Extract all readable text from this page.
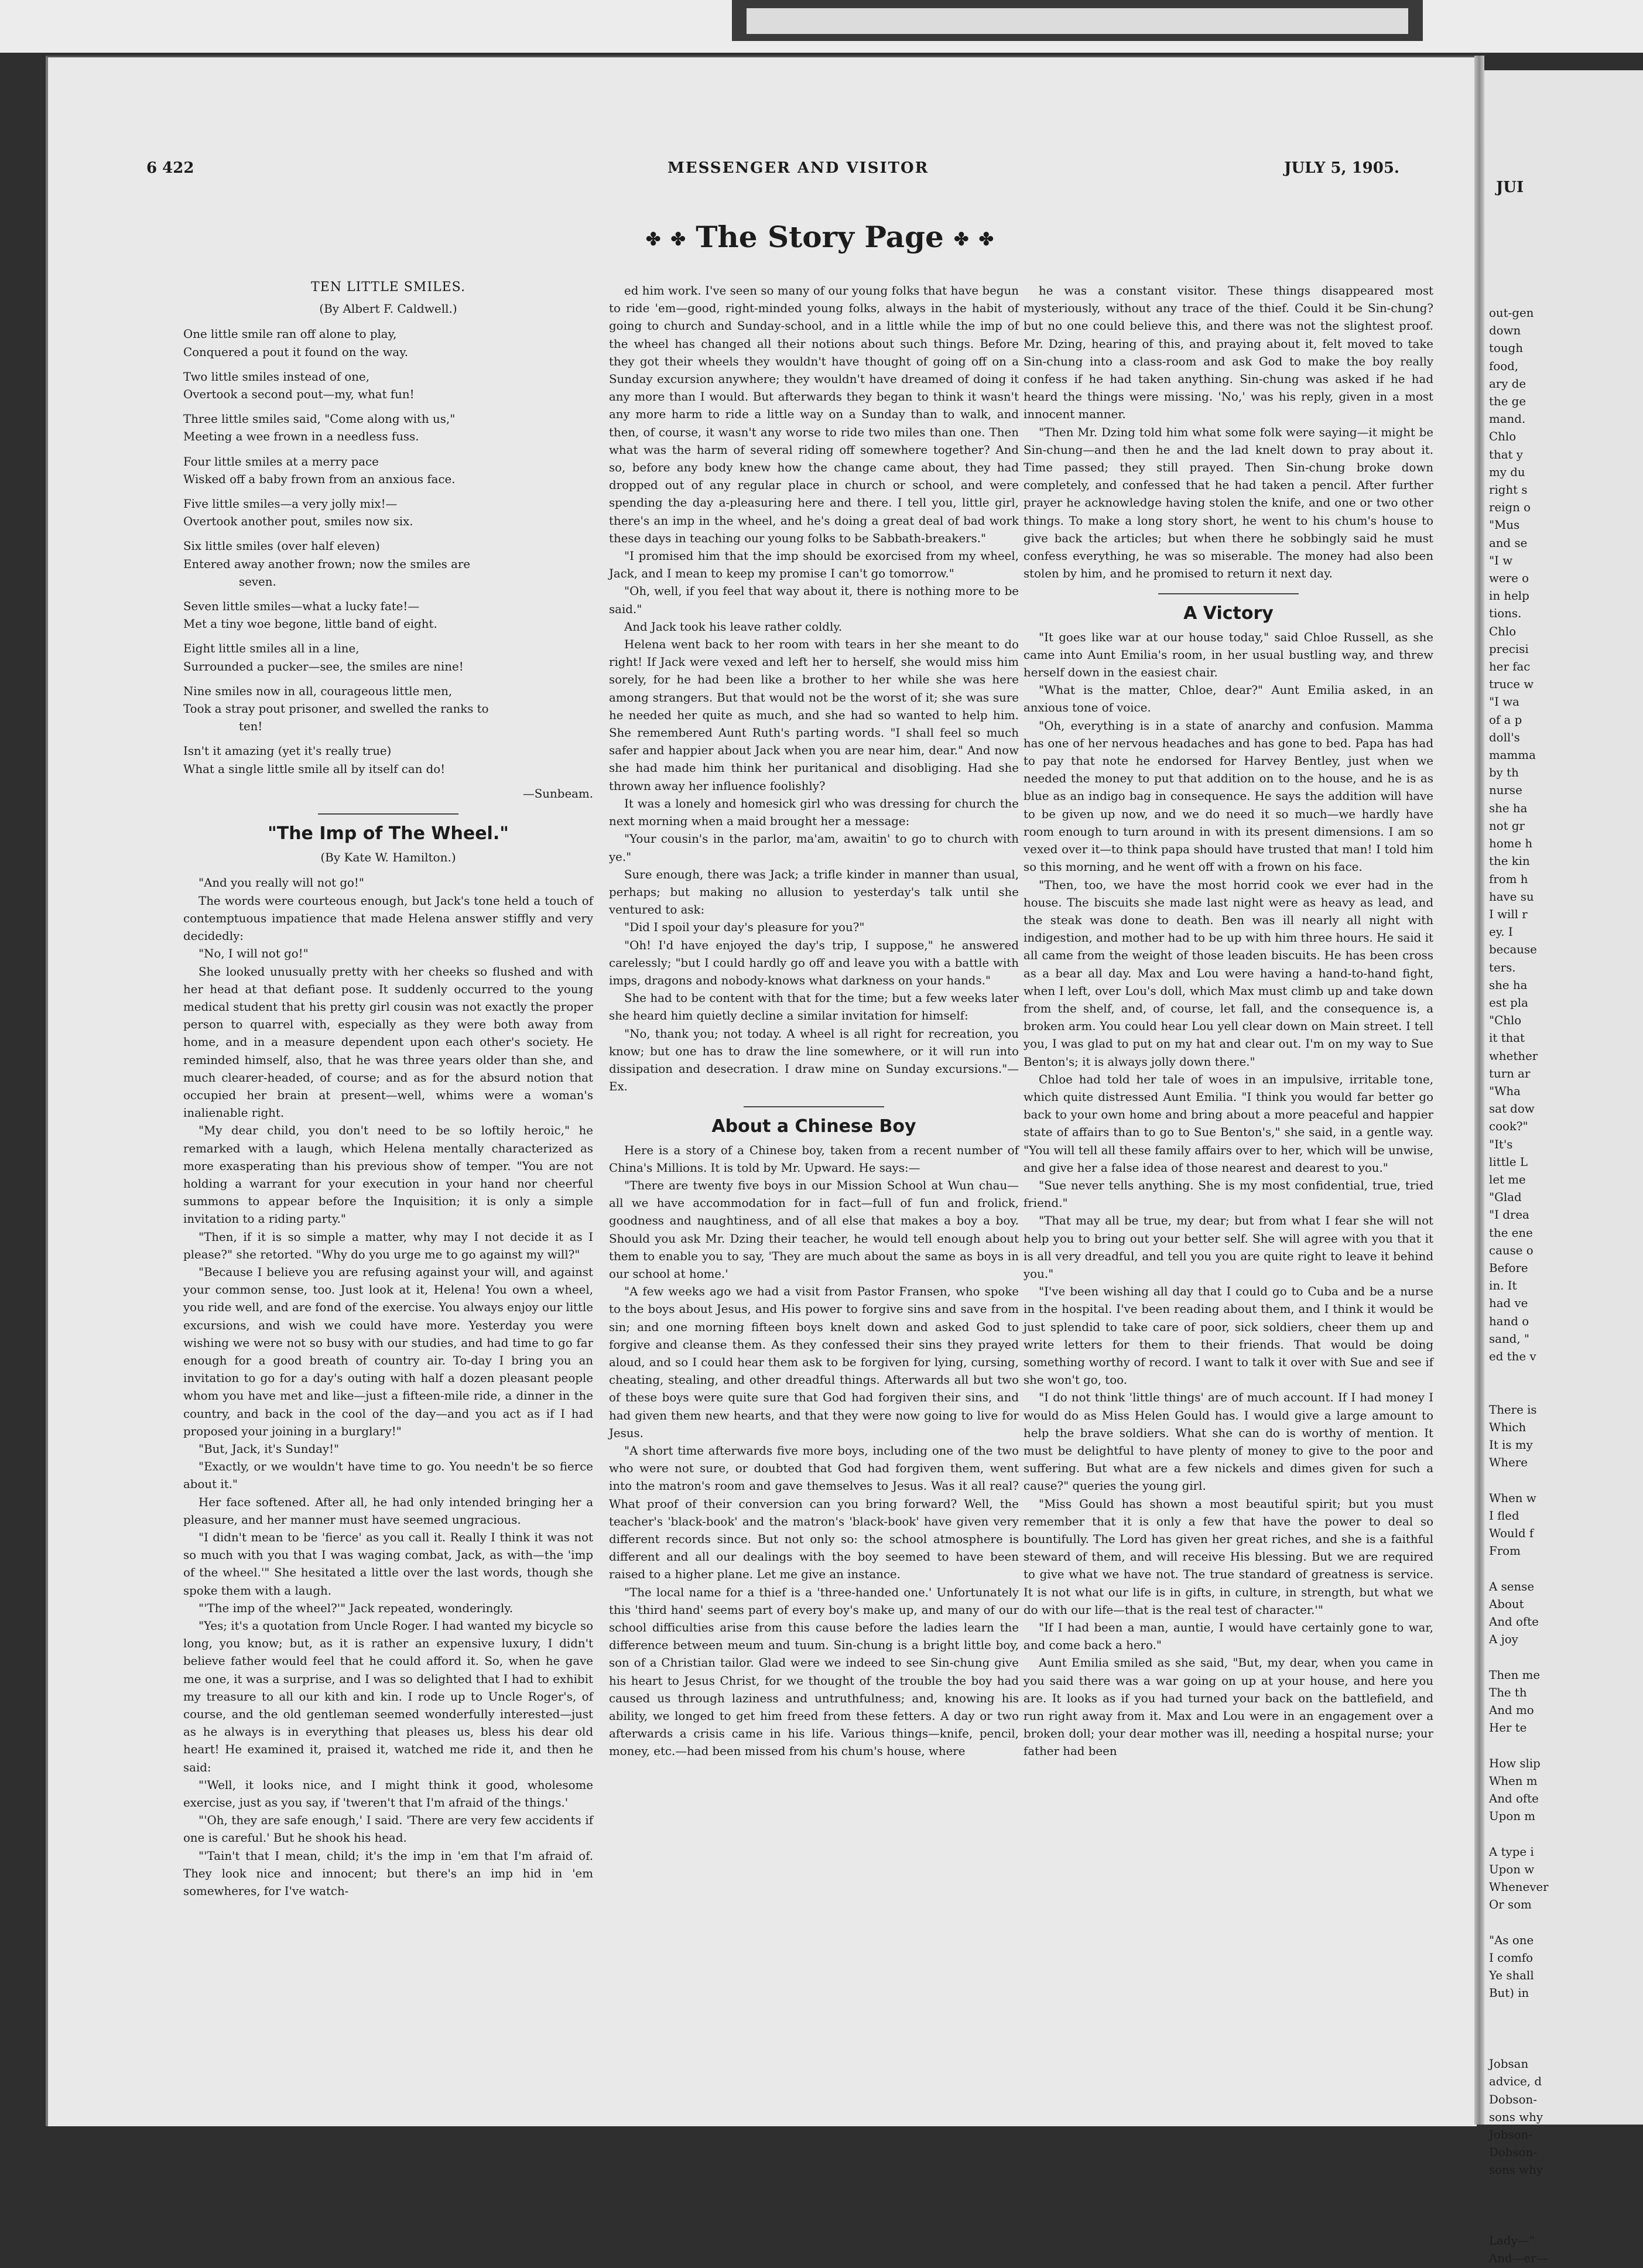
6 422	MESSENGER AND VISITOR	JULY 5, 1905.
✤ ✤ The Story Page ✤ ✤
TEN LITTLE SMILES.
(By Albert F. Caldwell.)
One little smile ran off alone to play,
Conquered a pout it found on the way.
Two little smiles instead of one,
Overtook a second pout—my, what fun!
Three little smiles said, "Come along with us,"
Meeting a wee frown in a needless fuss.
Four little smiles at a merry pace
Wisked off a baby frown from an anxious face.
Five little smiles—a very jolly mix!—
Overtook another pout, smiles now six.
Six little smiles (over half eleven)
Entered away another frown; now the smiles are
seven.
Seven little smiles—what a lucky fate!—
Met a tiny woe begone, little band of eight.
Eight little smiles all in a line,
Surrounded a pucker—see, the smiles are nine!
Nine smiles now in all, courageous little men,
Took a stray pout prisoner, and swelled the ranks to
ten!
Isn't it amazing (yet it's really true)
What a single little smile all by itself can do!
—Sunbeam.
"The Imp of The Wheel."
(By Kate W. Hamilton.)

"And you really will not go!"

The words were courteous enough, but Jack's tone held a touch of contemptuous impatience that made Helena answer stiffly and very decidedly:

"No, I will not go!"

She looked unusually pretty with her cheeks so flushed and with her head at that defiant pose. It suddenly occurred to the young medical student that his pretty girl cousin was not exactly the proper person to quarrel with, especially as they were both away from home, and in a measure dependent upon each other's society. He reminded himself, also, that he was three years older than she, and much clearer-headed, of course; and as for the absurd notion that occupied her brain at present—well, whims were a woman's inalienable right.

"My dear child, you don't need to be so loftily heroic," he remarked with a laugh, which Helena mentally characterized as more exasperating than his previous show of temper. "You are not holding a warrant for your execution in your hand nor cheerful summons to appear before the Inquisition; it is only a simple invitation to a riding party."

"Then, if it is so simple a matter, why may I not decide it as I please?" she retorted. "Why do you urge me to go against my will?"

"Because I believe you are refusing against your will, and against your common sense, too. Just look at it, Helena! You own a wheel, you ride well, and are fond of the exercise. You always enjoy our little excursions, and wish we could have more. Yesterday you were wishing we were not so busy with our studies, and had time to go far enough for a good breath of country air. To-day I bring you an invitation to go for a day's outing with half a dozen pleasant people whom you have met and like—just a fifteen-mile ride, a dinner in the country, and back in the cool of the day—and you act as if I had proposed your joining in a burglary!"

"But, Jack, it's Sunday!"

"Exactly, or we wouldn't have time to go. You needn't be so fierce about it."

Her face softened. After all, he had only intended bringing her a pleasure, and her manner must have seemed ungracious.

"I didn't mean to be 'fierce' as you call it. Really I think it was not so much with you that I was waging combat, Jack, as with—the 'imp of the wheel.'" She hesitated a little over the last words, though she spoke them with a laugh.

"'The imp of the wheel?'" Jack repeated, wonderingly.

"Yes; it's a quotation from Uncle Roger. I had wanted my bicycle so long, you know; but, as it is rather an expensive luxury, I didn't believe father would feel that he could afford it. So, when he gave me one, it was a surprise, and I was so delighted that I had to exhibit my treasure to all our kith and kin. I rode up to Uncle Roger's, of course, and the old gentleman seemed wonderfully interested—just as he always is in everything that pleases us, bless his dear old heart! He examined it, praised it, watched me ride it, and then he said:

"'Well, it looks nice, and I might think it good, wholesome exercise, just as you say, if 'tweren't that I'm afraid of the things.'

"'Oh, they are safe enough,' I said. 'There are very few accidents if one is careful.' But he shook his head.

"'Tain't that I mean, child; it's the imp in 'em that I'm afraid of. They look nice and innocent; but there's an imp hid in 'em somewheres, for I've watch-

ed him work. I've seen so many of our young folks that have begun to ride 'em—good, right-minded young folks, always in the habit of going to church and Sunday-school, and in a little while the imp of the wheel has changed all their notions about such things. Before they got their wheels they wouldn't have thought of going off on a Sunday excursion anywhere; they wouldn't have dreamed of doing it any more than I would. But afterwards they began to think it wasn't any more harm to ride a little way on a Sunday than to walk, and then, of course, it wasn't any worse to ride two miles than one. Then what was the harm of several riding off somewhere together? And so, before any body knew how the change came about, they had dropped out of any regular place in church or school, and were spending the day a-pleasuring here and there. I tell you, little girl, there's an imp in the wheel, and he's doing a great deal of bad work these days in teaching our young folks to be Sabbath-breakers."

"I promised him that the imp should be exorcised from my wheel, Jack, and I mean to keep my promise I can't go tomorrow."

"Oh, well, if you feel that way about it, there is nothing more to be said."

And Jack took his leave rather coldly.

Helena went back to her room with tears in her she meant to do right! If Jack were vexed and left her to herself, she would miss him sorely, for he had been like a brother to her while she was here among strangers. But that would not be the worst of it; she was sure he needed her quite as much, and she had so wanted to help him. She remembered Aunt Ruth's parting words. "I shall feel so much safer and happier about Jack when you are near him, dear." And now she had made him think her puritanical and disobliging. Had she thrown away her influence foolishly?

It was a lonely and homesick girl who was dressing for church the next morning when a maid brought her a message:

"Your cousin's in the parlor, ma'am, awaitin' to go to church with ye."

Sure enough, there was Jack; a trifle kinder in manner than usual, perhaps; but making no allusion to yesterday's talk until she ventured to ask:

"Did I spoil your day's pleasure for you?"

"Oh! I'd have enjoyed the day's trip, I suppose," he answered carelessly; "but I could hardly go off and leave you with a battle with imps, dragons and nobody-knows what darkness on your hands."

She had to be content with that for the time; but a few weeks later she heard him quietly decline a similar invitation for himself:

"No, thank you; not today. A wheel is all right for recreation, you know; but one has to draw the line somewhere, or it will run into dissipation and desecration. I draw mine on Sunday excursions."—Ex.

About a Chinese Boy

Here is a story of a Chinese boy, taken from a recent number of China's Millions. It is told by Mr. Upward. He says:—

"There are twenty five boys in our Mission School at Wun chau—all we have accommodation for in fact—full of fun and frolick, goodness and naughtiness, and of all else that makes a boy a boy. Should you ask Mr. Dzing their teacher, he would tell enough about them to enable you to say, 'They are much about the same as boys in our school at home.'

"A few weeks ago we had a visit from Pastor Fransen, who spoke to the boys about Jesus, and His power to forgive sins and save from sin; and one morning fifteen boys knelt down and asked God to forgive and cleanse them. As they confessed their sins they prayed aloud, and so I could hear them ask to be forgiven for lying, cursing, cheating, stealing, and other dreadful things. Afterwards all but two of these boys were quite sure that God had forgiven their sins, and had given them new hearts, and that they were now going to live for Jesus.

"A short time afterwards five more boys, including one of the two who were not sure, or doubted that God had forgiven them, went into the matron's room and gave themselves to Jesus. Was it all real? What proof of their conversion can you bring forward? Well, the teacher's 'black-book' and the matron's 'black-book' have given very different records since. But not only so: the school atmosphere is different and all our dealings with the boy seemed to have been raised to a higher plane. Let me give an instance.

"The local name for a thief is a 'three-handed one.' Unfortunately this 'third hand' seems part of every boy's make up, and many of our school difficulties arise from this cause before the ladies learn the difference between meum and tuum. Sin-chung is a bright little boy, son of a Christian tailor. Glad were we indeed to see Sin-chung give his heart to Jesus Christ, for we thought of the trouble the boy had caused us through laziness and untruthfulness; and, knowing his ability, we longed to get him freed from these fetters. A day or two afterwards a crisis came in his life. Various things—knife, pencil, money, etc.—had been missed from his chum's house, where

he was a constant visitor. These things disappeared most mysteriously, without any trace of the thief. Could it be Sin-chung? but no one could believe this, and there was not the slightest proof. Mr. Dzing, hearing of this, and praying about it, felt moved to take Sin-chung into a class-room and ask God to make the boy really confess if he had taken anything. Sin-chung was asked if he had heard the things were missing. 'No,' was his reply, given in a most innocent manner.

"Then Mr. Dzing told him what some folk were saying—it might be Sin-chung—and then he and the lad knelt down to pray about it. Time passed; they still prayed. Then Sin-chung broke down completely, and confessed that he had taken a pencil. After further prayer he acknowledge having stolen the knife, and one or two other things. To make a long story short, he went to his chum's house to give back the articles; but when there he sobbingly said he must confess everything, he was so miserable. The money had also been stolen by him, and he promised to return it next day.

A Victory

"It goes like war at our house today," said Chloe Russell, as she came into Aunt Emilia's room, in her usual bustling way, and threw herself down in the easiest chair.

"What is the matter, Chloe, dear?" Aunt Emilia asked, in an anxious tone of voice.

"Oh, everything is in a state of anarchy and confusion. Mamma has one of her nervous headaches and has gone to bed. Papa has had to pay that note he endorsed for Harvey Bentley, just when we needed the money to put that addition on to the house, and he is as blue as an indigo bag in consequence. He says the addition will have to be given up now, and we do need it so much—we hardly have room enough to turn around in with its present dimensions. I am so vexed over it—to think papa should have trusted that man! I told him so this morning, and he went off with a frown on his face.

"Then, too, we have the most horrid cook we ever had in the house. The biscuits she made last night were as heavy as lead, and the steak was done to death. Ben was ill nearly all night with indigestion, and mother had to be up with him three hours. He said it all came from the weight of those leaden biscuits. He has been cross as a bear all day. Max and Lou were having a hand-to-hand fight, when I left, over Lou's doll, which Max must climb up and take down from the shelf, and, of course, let fall, and the consequence is, a broken arm. You could hear Lou yell clear down on Main street. I tell you, I was glad to put on my hat and clear out. I'm on my way to Sue Benton's; it is always jolly down there."

Chloe had told her tale of woes in an impulsive, irritable tone, which quite distressed Aunt Emilia. "I think you would far better go back to your own home and bring about a more peaceful and happier state of affairs than to go to Sue Benton's," she said, in a gentle way. "You will tell all these family affairs over to her, which will be unwise, and give her a false idea of those nearest and dearest to you."

"Sue never tells anything. She is my most confidential, true, tried friend."

"That may all be true, my dear; but from what I fear she will not help you to bring out your better self. She will agree with you that it is all very dreadful, and tell you you are quite right to leave it behind you."

"I've been wishing all day that I could go to Cuba and be a nurse in the hospital. I've been reading about them, and I think it would be just splendid to take care of poor, sick soldiers, cheer them up and write letters for them to their friends. That would be doing something worthy of record. I want to talk it over with Sue and see if she won't go, too.

"I do not think 'little things' are of much account. If I had money I would do as Miss Helen Gould has. I would give a large amount to help the brave soldiers. What she can do is worthy of mention. It must be delightful to have plenty of money to give to the poor and suffering. But what are a few nickels and dimes given for such a cause?" queries the young girl.

"Miss Gould has shown a most beautiful spirit; but you must remember that it is only a few that have the power to deal so bountifully. The Lord has given her great riches, and she is a faithful steward of them, and will receive His blessing. But we are required to give what we have not. The true standard of greatness is service. It is not what our life is in gifts, in culture, in strength, but what we do with our life—that is the real test of character.'"

"If I had been a man, auntie, I would have certainly gone to war, and come back a hero."

Aunt Emilia smiled as she said, "But, my dear, when you came in you said there was a war going on up at your house, and here you are. It looks as if you had turned your back on the battlefield, and run right away from it. Max and Lou were in an engagement over a broken doll; your dear mother was ill, needing a hospital nurse; your father had been

JUI
out-gen
down
tough
food,
ary de
the ge
mand.
Chlo
that y
my du
right s
reign o
"Mus
and se
"I w
were o
in help
tions.
Chlo
precisi
her fac
truce w
"I wa
of a p
doll's
mamma
by th
nurse
she ha
not gr
home h
the kin
from h
have su
I will r
ey. I
because
ters.
she ha
est pla
"Chlo
it that
whether
turn ar
"Wha
sat dow
cook?"
"It's
little L
let me
"Glad
"I drea
the ene
cause o
Before
in. It
had ve
hand o
sand, "
ed the v

There is
Which
It is my
Where

When w
I fled
Would f
From

A sense
About
And ofte
A joy

Then me
The th
And mo
Her te

How slip
When m
And ofte
Upon m

A type i
Upon w
Whenever
Or som

"As one
I comfo
Ye shall
But) in

Jobsan
advice, d
Dobson-
sons why
Jobson-
Dobson-
sons why

Lady—"
And—er—
